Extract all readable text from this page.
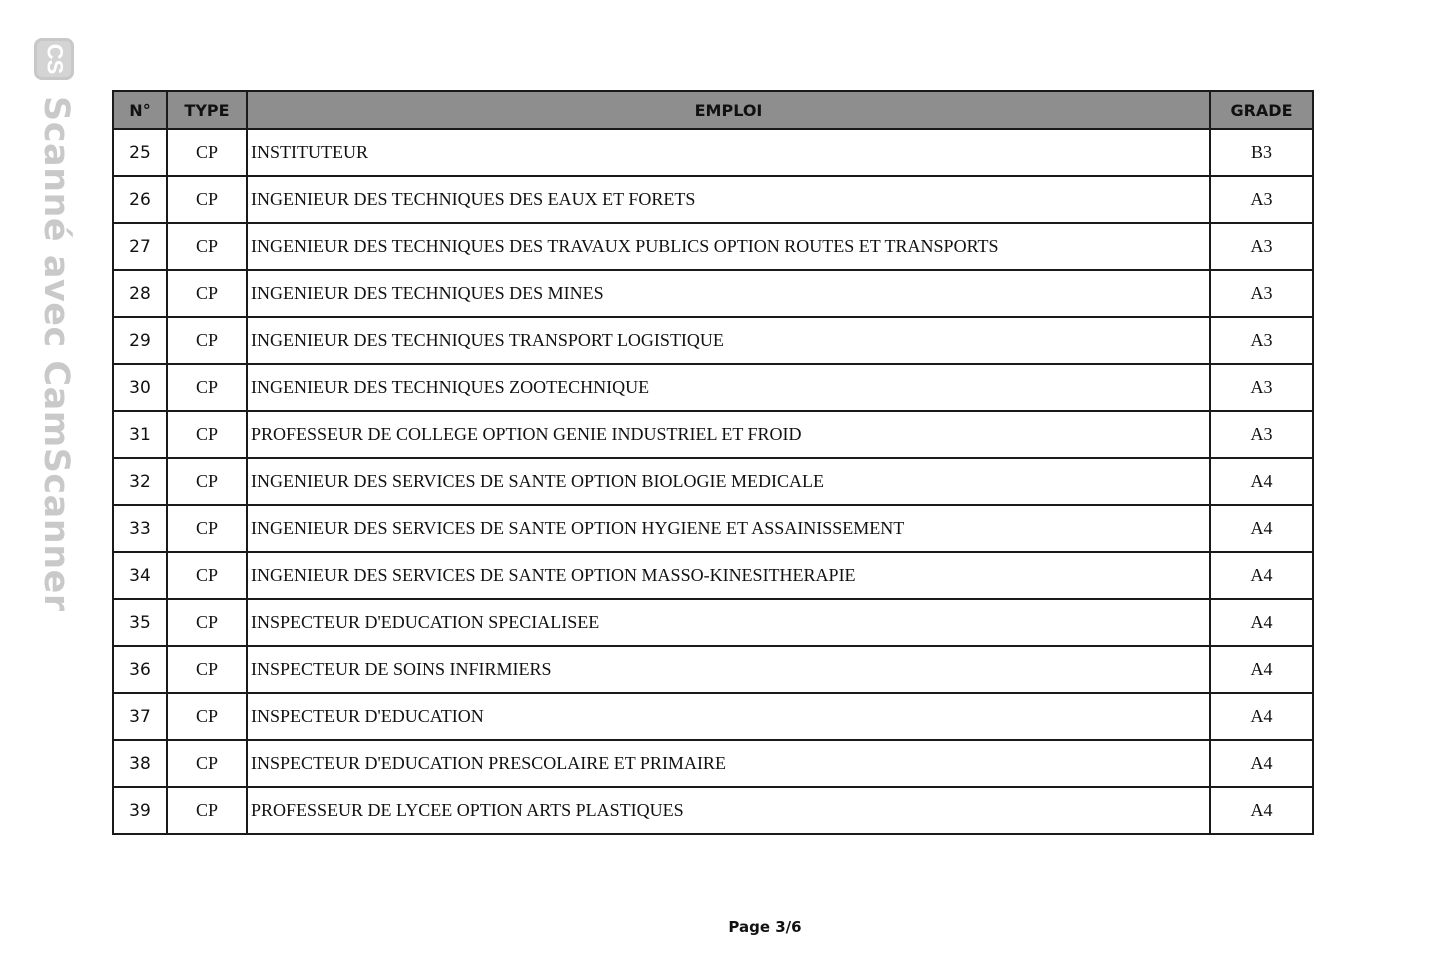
CS
Scanné avec CamScanner	N°	TYPE	EMPLOI	GRADE
25	CP	INSTITUTEUR	B3
26	CP	INGENIEUR DES TECHNIQUES DES EAUX ET FORETS	A3
27	CP	INGENIEUR DES TECHNIQUES DES TRAVAUX PUBLICS OPTION ROUTES ET TRANSPORTS	A3
28	CP	INGENIEUR DES TECHNIQUES DES MINES	A3
29	CP	INGENIEUR DES TECHNIQUES TRANSPORT LOGISTIQUE	A3
30	CP	INGENIEUR DES TECHNIQUES ZOOTECHNIQUE	A3
31	CP	PROFESSEUR DE COLLEGE OPTION GENIE INDUSTRIEL ET FROID	A3
32	CP	INGENIEUR DES SERVICES DE SANTE OPTION BIOLOGIE MEDICALE	A4
33	CP	INGENIEUR DES SERVICES DE SANTE OPTION HYGIENE ET ASSAINISSEMENT	A4
34	CP	INGENIEUR DES SERVICES DE SANTE OPTION MASSO-KINESITHERAPIE	A4
35	CP	INSPECTEUR D'EDUCATION SPECIALISEE	A4
36	CP	INSPECTEUR DE SOINS INFIRMIERS	A4
37	CP	INSPECTEUR D'EDUCATION	A4
38	CP	INSPECTEUR D'EDUCATION PRESCOLAIRE ET PRIMAIRE	A4
39	CP	PROFESSEUR DE LYCEE OPTION ARTS PLASTIQUES	A4
Page 3/6
